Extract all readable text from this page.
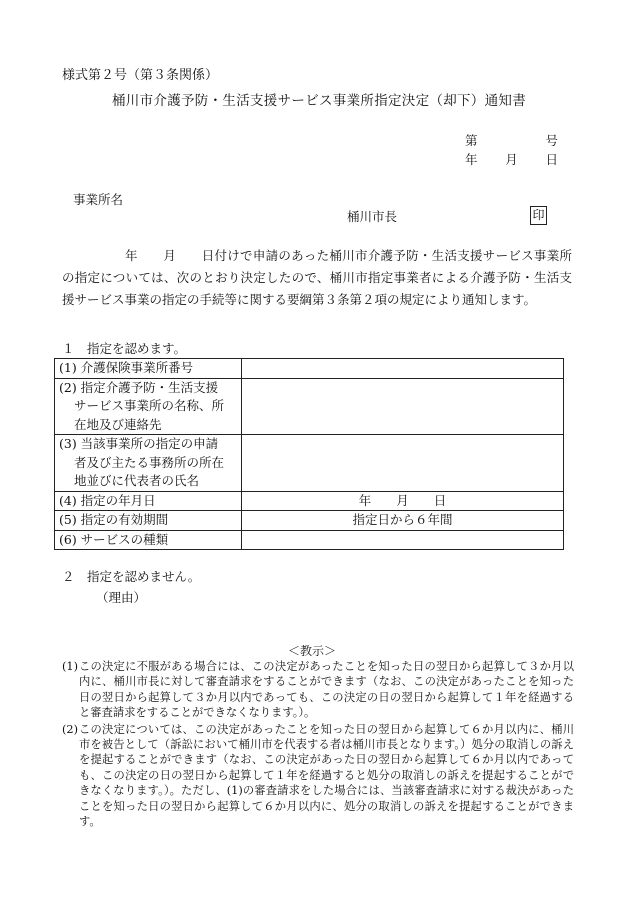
様式第２号（第３条関係）
桶川市介護予防・生活支援サービス事業所指定決定（却下）通知書
第	号
年 月 日
事業所名
桶川市長	印
年　　月　　日付けで申請のあった桶川市介護予防・生活支援サービス事業所の指定については、次のとおり決定したので、桶川市指定事業者による介護予防・生活支援サービス事業の指定の手続等に関する要綱第３条第２項の規定により通知します。
１　指定を認めます。
(1) 介護保険事業所番号	

(2) 指定介護予防・生活支援
サービス事業所の名称、所
在地及び連絡先	

(3) 当該事業所の指定の申請
者及び主たる事務所の所在
地並びに代表者の氏名	

(4) 指定の年月日	年　　月　　日

(5) 指定の有効期間	指定日から６年間

(6) サービスの種類	

２　指定を認めません。
（理由）
＜教示＞
(1) この決定に不服がある場合には、この決定があったことを知った日の翌日から起算して３か月以内に、桶川市長に対して審査請求をすることができます（なお、この決定があったことを知った日の翌日から起算して３か月以内であっても、この決定の日の翌日から起算して１年を経過すると審査請求をすることができなくなります。）。
(2) この決定については、この決定があったことを知った日の翌日から起算して６か月以内に、桶川市を被告として（訴訟において桶川市を代表する者は桶川市長となります。）処分の取消しの訴えを提起することができます（なお、この決定があった日の翌日から起算して６か月以内であっても、この決定の日の翌日から起算して１年を経過すると処分の取消しの訴えを提起することができなくなります。）。ただし、(1)の審査請求をした場合には、当該審査請求に対する裁決があったことを知った日の翌日から起算して６か月以内に、処分の取消しの訴えを提起することができます。
